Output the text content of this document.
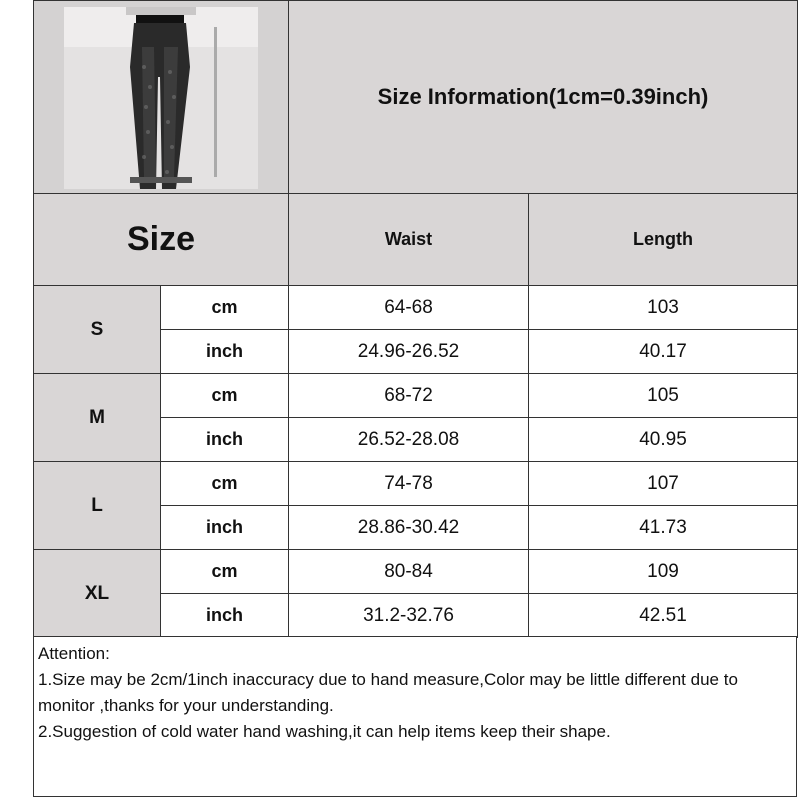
	Size Information(1cm=0.39inch)	
Size		Waist	Length
S	cm	64-68	103
	inch	24.96-26.52	40.17
M	cm	68-72	105
	inch	26.52-28.08	40.95
L	cm	74-78	107
	inch	28.86-30.42	41.73
XL	cm	80-84	109
	inch	31.2-32.76	42.51

Attention:

1.Size may be 2cm/1inch inaccuracy due to hand measure,Color may be little different due to monitor ,thanks for your understanding.

2.Suggestion of cold water hand washing,it can help items keep their shape.
